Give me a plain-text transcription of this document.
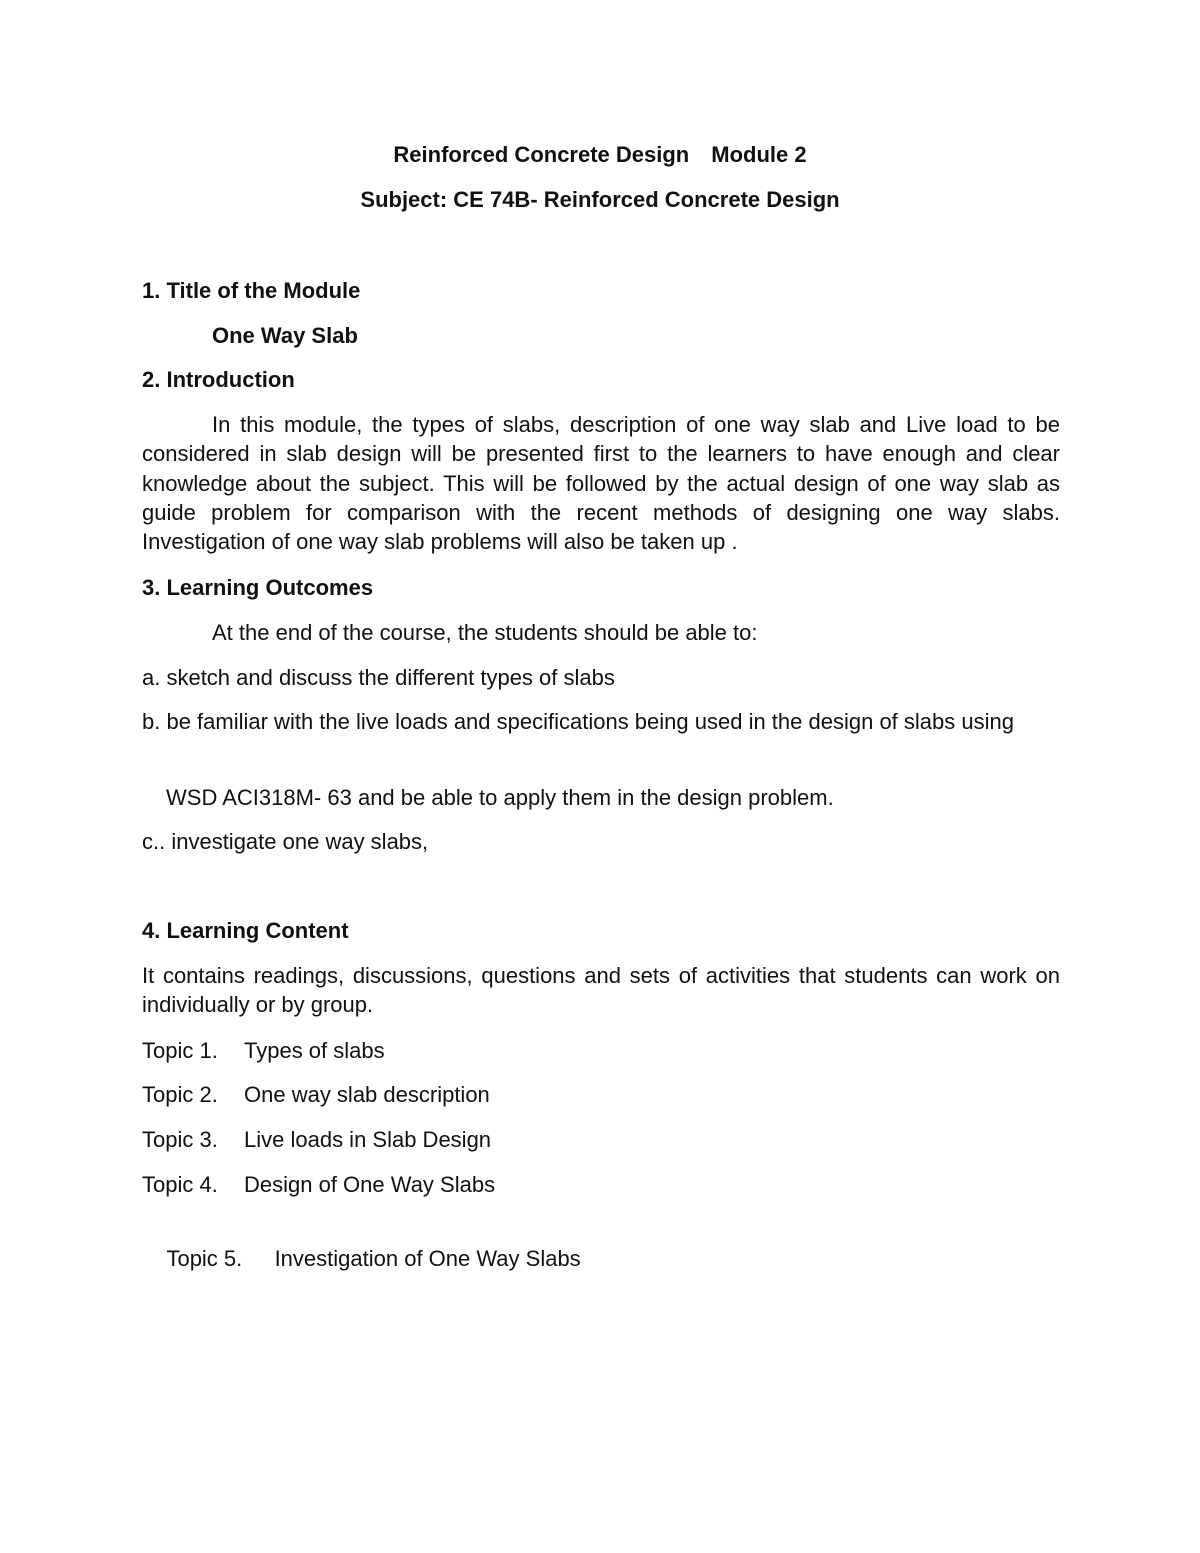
Reinforced Concrete Design Module 2
Subject: CE 74B- Reinforced Concrete Design
1. Title of the Module
One Way Slab
2. Introduction
In this module, the types of slabs, description of one way slab and Live load to be considered in slab design will be presented first to the learners to have enough and clear knowledge about the subject. This will be followed by the actual design of one way slab as guide problem for comparison with the recent methods of designing one way slabs. Investigation of one way slab problems will also be taken up .
3. Learning Outcomes
At the end of the course, the students should be able to:
a. sketch and discuss the different types of slabs
b. be familiar with the live loads and specifications being used in the design of slabs using
WSD ACI318M- 63 and be able to apply them in the design problem.
c.. investigate one way slabs,
4. Learning Content
It contains readings, discussions, questions and sets of activities that students can work on individually or by group.
Topic 1. Types of slabs
Topic 2. One way slab description
Topic 3. Live loads in Slab Design
Topic 4. Design of One Way Slabs

Topic 5. Investigation of One Way Slabs
